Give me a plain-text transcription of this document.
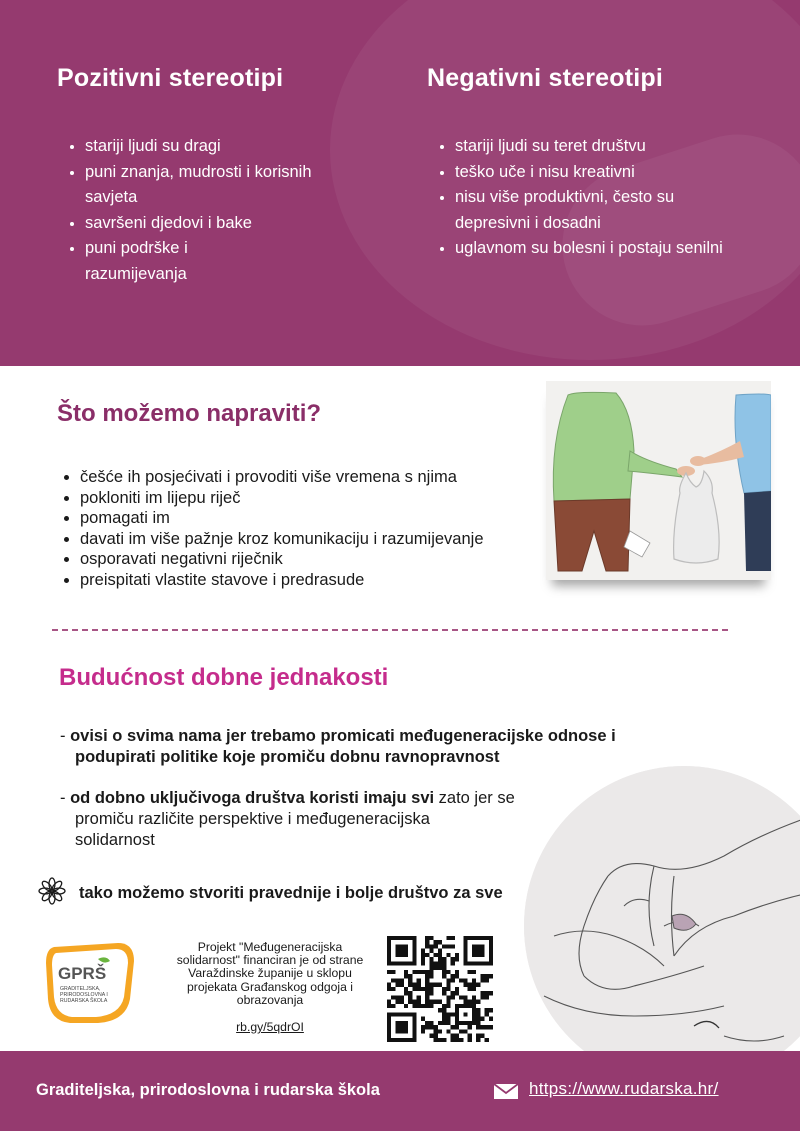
Pozitivni stereotipi
• stariji ljudi su dragi
• puni znanja, mudrosti i korisnih savjeta
• savršeni djedovi i bake
• puni podrške i razumijevanja
Negativni stereotipi
• stariji ljudi su teret društvu
• teško uče i nisu kreativni
• nisu više produktivni, često su depresivni i dosadni
• uglavnom su bolesni i postaju senilni
Što možemo napraviti?
• češće ih posjećivati i provoditi više vremena s njima
• pokloniti im lijepu riječ
• pomagati im
• davati im više pažnje kroz komunikaciju i razumijevanje
• osporavati negativni riječnik
• preispitati vlastite stavove i predrasude
Budućnost dobne jednakosti
- ovisi o svima nama jer trebamo promicati međugeneracijske odnose i
podupirati politike koje promiču dobnu ravnopravnost
- od dobno uključivoga društva koristi imaju svi zato jer se
promiču različite perspektive i međugeneracijska
solidarnost
tako možemo stvoriti pravednije i bolje društvo za sve
GPRŠ
GRADITELJSKA,
PRIRODOSLOVNA I
RUDARSKA ŠKOLA
Projekt "Međugeneracijska solidarnost" financiran je od strane Varaždinske županije u sklopu projekata Građanskog odgoja i obrazovanja
rb.gy/5qdrOI
Graditeljska, prirodoslovna i rudarska škola	https://www.rudarska.hr/
